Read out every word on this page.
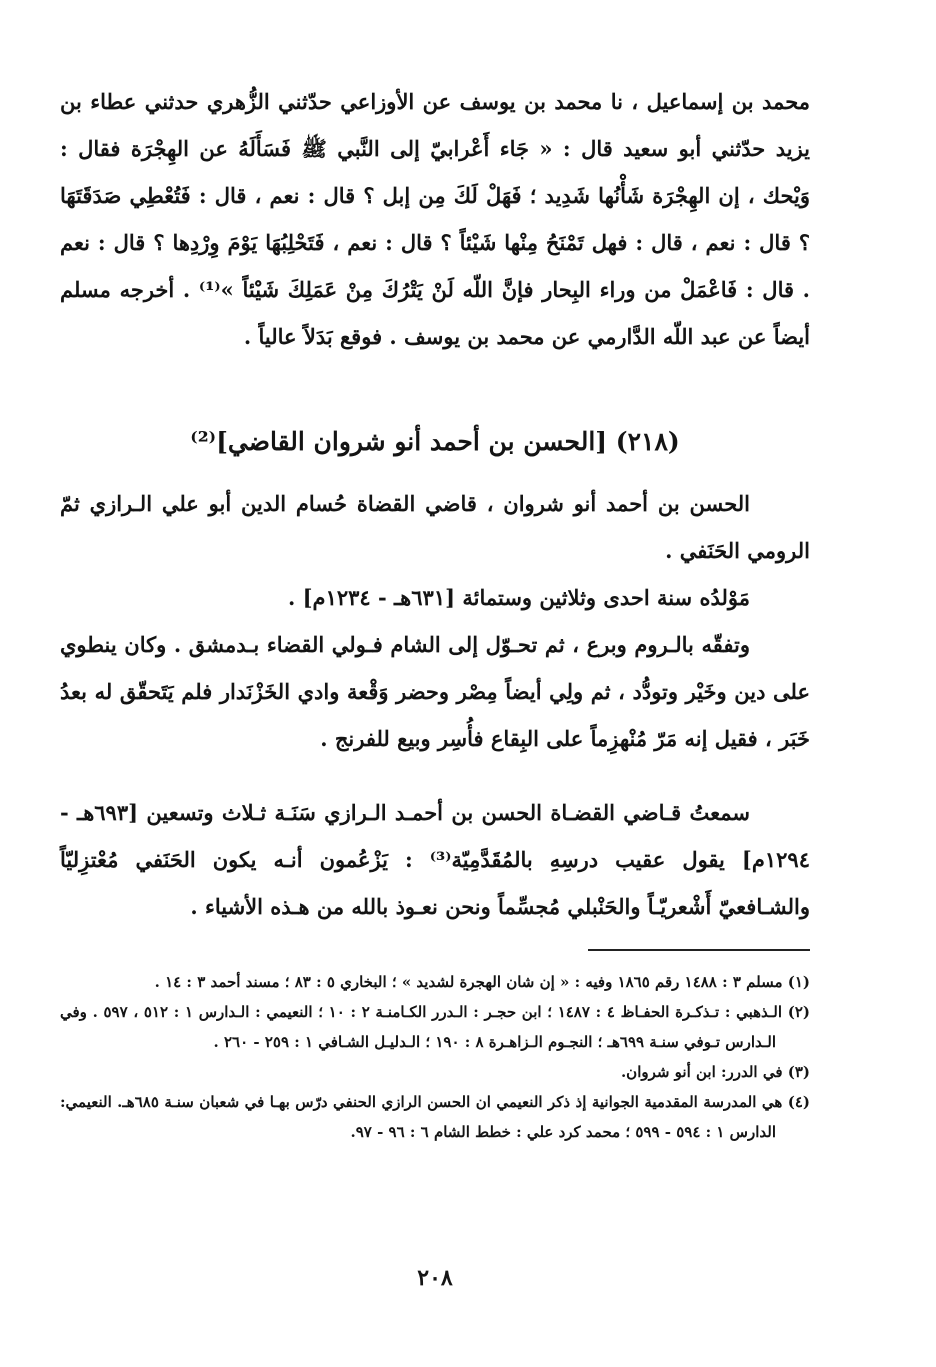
محمد بن إسماعيل ، نا محمد بن يوسف عن الأوزاعي حدّثني الزُّهري حدثني عطاء بن يزيد حدّثني أبو سعيد قال : « جَاء أَعْرابيّ إلى النَّبي ﷺ فَسَأَلَهُ عن الهِجْرَة فقال : وَيْحك ، إن الهِجْرَة شَأْنُها شَدِيد ؛ فَهَلْ لَكَ مِن إبل ؟ قال : نعم ، قال : فَتُعْطِي صَدَقَتَهَا ؟ قال : نعم ، قال : فهل تَمْنَحُ مِنْها شَيْئاً ؟ قال : نعم ، فَتَحْلِبُهَا يَوْمَ وِرْدِها ؟ قال : نعم . قال : فَاعْمَلْ من وراء البِحار فإنَّ اللّه لَنْ يَتْرُكَ مِنْ عَمَلِكَ شَيْئاً »⁽¹⁾ . أخرجه مسلم أيضاً عن عبد اللّه الدَّارمي عن محمد بن يوسف . فوقع بَدَلاً عالياً .

(٢١٨) [الحسن بن أحمد أنو شروان القاضي]⁽²⁾

الحسن بن أحمد أنو شروان ، قاضي القضاة حُسام الدين أبو علي الـرازي ثمّ الرومي الحَنَفي .

مَوْلدُه سنة احدى وثلاثين وستمائة [٦٣١هـ - ١٢٣٤م] .

وتفقّه بالـروم وبرع ، ثم تحـوّل إلى الشام فـولي القضاء بـدمشق . وكان ينطوي على دين وخَيْر وتودُّد ، ثم ولِي أيضاً مِصْر وحضر وَقْعة وادي الخَزْنَدار فلم يَتَحقّق له بعدُ خَبَر ، فقيل إنه مَرّ مُنْهزِماً على البِقاع فأُسِر وبيع للفرنج .

سمعتُ قـاضي القضـاة الحسن بن أحمـد الـرازي سَنَـة ثـلاث وتسعين [٦٩٣هـ - ١٢٩٤م] يقول عقيب درسِهِ بالمُقَدَّمِيّة⁽³⁾ : يَزْعُمون أنـه يكون الحَنَفي مُعْتزِليّاً والشـافعيّ أَشْعريّـاً والحَنْبلي مُجسِّماً ونحن نعـوذ بالله من هـذه الأشياء .

(١) مسلم ٣ : ١٤٨٨ رقم ١٨٦٥ وفيه : « إن شان الهجرة لشديد » ؛ البخاري ٥ : ٨٣ ؛ مسند أحمد ٣ : ١٤ .
(٢) الـذهبي : تـذكـرة الحفـاظ ٤ : ١٤٨٧ ؛ ابن حجـر : الـدرر الكـامنـة ٢ : ١٠ ؛ النعيمي : الـدارس ١ : ٥١٢ ، ٥٩٧ . وفي الـدارس تـوفي سنـة ٦٩٩هـ ؛ النجـوم الـزاهـرة ٨ : ١٩٠ ؛ الـدليـل الشـافي ١ : ٢٥٩ - ٢٦٠ .
(٣) في الدرر: ابن أنو شروان.
(٤) هي المدرسة المقدمية الجوانية إذ ذكر النعيمي ان الحسن الرازي الحنفي درّس بهـا في شعبان سنـة ٦٨٥هـ. النعيمي: الدارس ١ : ٥٩٤ - ٥٩٩ ؛ محمد كرد علي : خطط الشام ٦ : ٩٦ - ٩٧.
٢٠٨
